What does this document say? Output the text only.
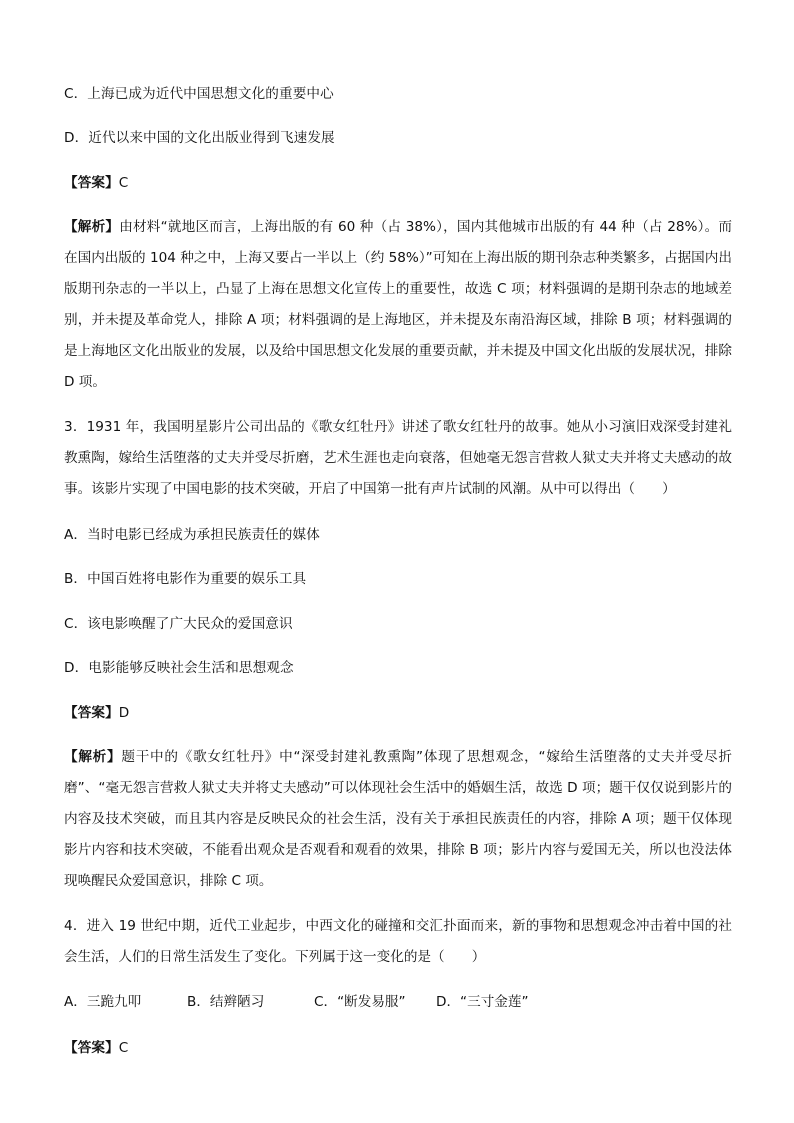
C．上海已成为近代中国思想文化的重要中心
D．近代以来中国的文化出版业得到飞速发展
【答案】C
【解析】由材料“就地区而言，上海出版的有 60 种（占 38%），国内其他城市出版的有 44 种（占 28%）。而在国内出版的 104 种之中，上海又要占一半以上（约 58%）”可知在上海出版的期刊杂志种类繁多，占据国内出版期刊杂志的一半以上，凸显了上海在思想文化宣传上的重要性，故选 C 项；材料强调的是期刊杂志的地域差别，并未提及革命党人，排除 A 项；材料强调的是上海地区，并未提及东南沿海区域，排除 B 项；材料强调的是上海地区文化出版业的发展，以及给中国思想文化发展的重要贡献，并未提及中国文化出版的发展状况，排除 D 项。
3．1931 年，我国明星影片公司出品的《歌女红牡丹》讲述了歌女红牡丹的故事。她从小习演旧戏深受封建礼教熏陶，嫁给生活堕落的丈夫并受尽折磨，艺术生涯也走向衰落，但她毫无怨言营救人狱丈夫并将丈夫感动的故事。该影片实现了中国电影的技术突破，开启了中国第一批有声片试制的风潮。从中可以得出（　　）
A．当时电影已经成为承担民族责任的媒体
B．中国百姓将电影作为重要的娱乐工具
C．该电影唤醒了广大民众的爱国意识
D．电影能够反映社会生活和思想观念
【答案】D
【解析】题干中的《歌女红牡丹》中“深受封建礼教熏陶”体现了思想观念，“嫁给生活堕落的丈夫并受尽折磨”、“毫无怨言营救人狱丈夫并将丈夫感动”可以体现社会生活中的婚姻生活，故选 D 项；题干仅仅说到影片的内容及技术突破，而且其内容是反映民众的社会生活，没有关于承担民族责任的内容，排除 A 项；题干仅体现影片内容和技术突破，不能看出观众是否观看和观看的效果，排除 B 项；影片内容与爱国无关，所以也没法体现唤醒民众爱国意识，排除 C 项。
4．进入 19 世纪中期，近代工业起步，中西文化的碰撞和交汇扑面而来，新的事物和思想观念冲击着中国的社会生活，人们的日常生活发生了变化。下列属于这一变化的是（　　）
A．三跪九叩	B．结辫陋习	C．“断发易服” D．“三寸金莲”
【答案】C
